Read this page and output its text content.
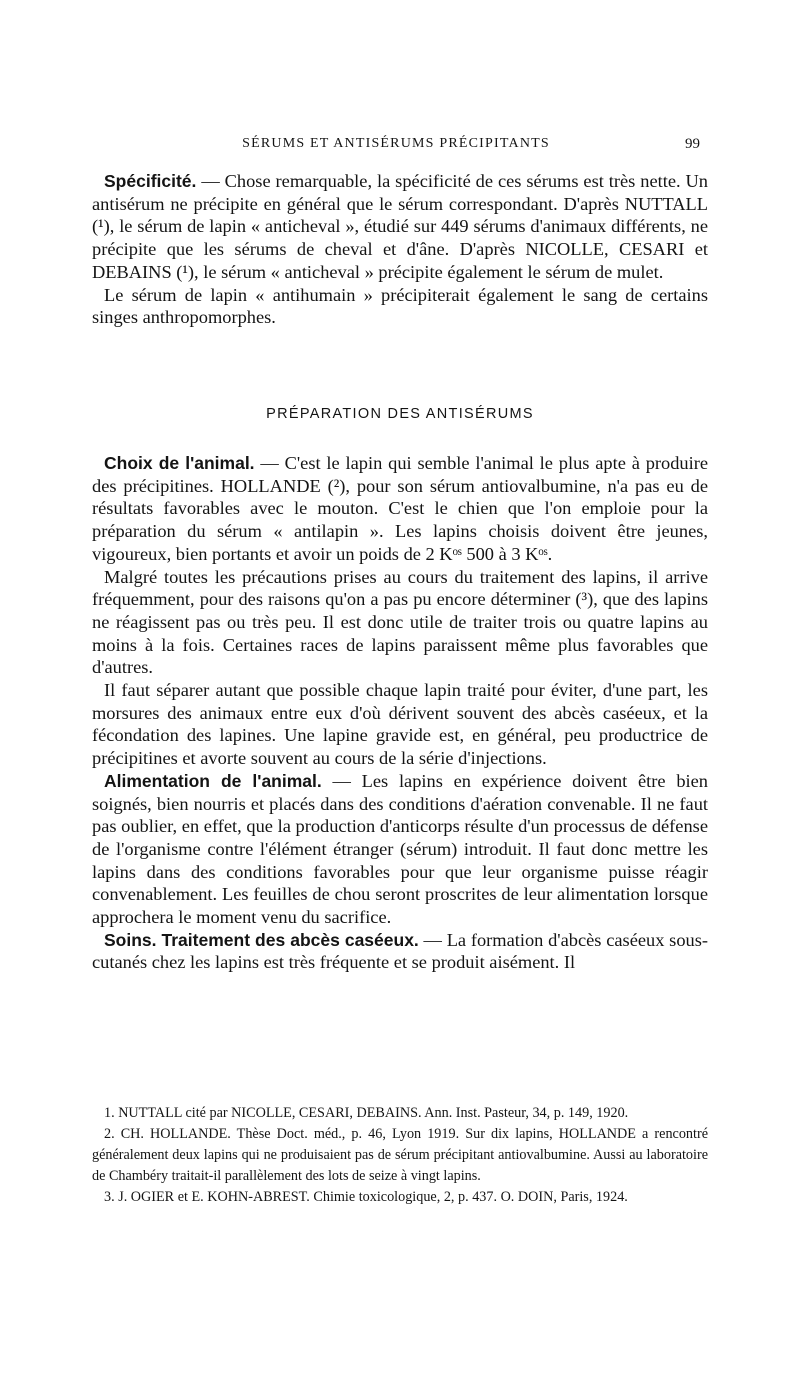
SÉRUMS ET ANTISÉRUMS PRÉCIPITANTS	99

Spécificité. — Chose remarquable, la spécificité de ces sérums est très nette. Un antisérum ne précipite en général que le sérum correspondant. D'après NUTTALL (¹), le sérum de lapin « anticheval », étudié sur 449 sérums d'animaux différents, ne précipite que les sérums de cheval et d'âne. D'après NICOLLE, CESARI et DEBAINS (¹), le sérum « anticheval » précipite également le sérum de mulet.

Le sérum de lapin « antihumain » précipiterait également le sang de certains singes anthropomorphes.

PRÉPARATION DES ANTISÉRUMS

Choix de l'animal. — C'est le lapin qui semble l'animal le plus apte à produire des précipitines. HOLLANDE (²), pour son sérum antiovalbumine, n'a pas eu de résultats favorables avec le mouton. C'est le chien que l'on emploie pour la préparation du sérum « antilapin ». Les lapins choisis doivent être jeunes, vigoureux, bien portants et avoir un poids de 2 Kᵒˢ 500 à 3 Kᵒˢ.

Malgré toutes les précautions prises au cours du traitement des lapins, il arrive fréquemment, pour des raisons qu'on a pas pu encore déterminer (³), que des lapins ne réagissent pas ou très peu. Il est donc utile de traiter trois ou quatre lapins au moins à la fois. Certaines races de lapins paraissent même plus favorables que d'autres.

Il faut séparer autant que possible chaque lapin traité pour éviter, d'une part, les morsures des animaux entre eux d'où dérivent souvent des abcès caséeux, et la fécondation des lapines. Une lapine gravide est, en général, peu productrice de précipitines et avorte souvent au cours de la série d'injections.

Alimentation de l'animal. — Les lapins en expérience doivent être bien soignés, bien nourris et placés dans des conditions d'aération convenable. Il ne faut pas oublier, en effet, que la production d'anticorps résulte d'un processus de défense de l'organisme contre l'élément étranger (sérum) introduit. Il faut donc mettre les lapins dans des conditions favorables pour que leur organisme puisse réagir convenablement. Les feuilles de chou seront proscrites de leur alimentation lorsque approchera le moment venu du sacrifice.

Soins. Traitement des abcès caséeux. — La formation d'abcès caséeux sous-cutanés chez les lapins est très fréquente et se produit aisément. Il

1. NUTTALL cité par NICOLLE, CESARI, DEBAINS. Ann. Inst. Pasteur, 34, p. 149, 1920.

2. CH. HOLLANDE. Thèse Doct. méd., p. 46, Lyon 1919. Sur dix lapins, HOLLANDE a rencontré généralement deux lapins qui ne produisaient pas de sérum précipitant antiovalbumine. Aussi au laboratoire de Chambéry traitait-il parallèlement des lots de seize à vingt lapins.

3. J. OGIER et E. KOHN-ABREST. Chimie toxicologique, 2, p. 437. O. DOIN, Paris, 1924.
